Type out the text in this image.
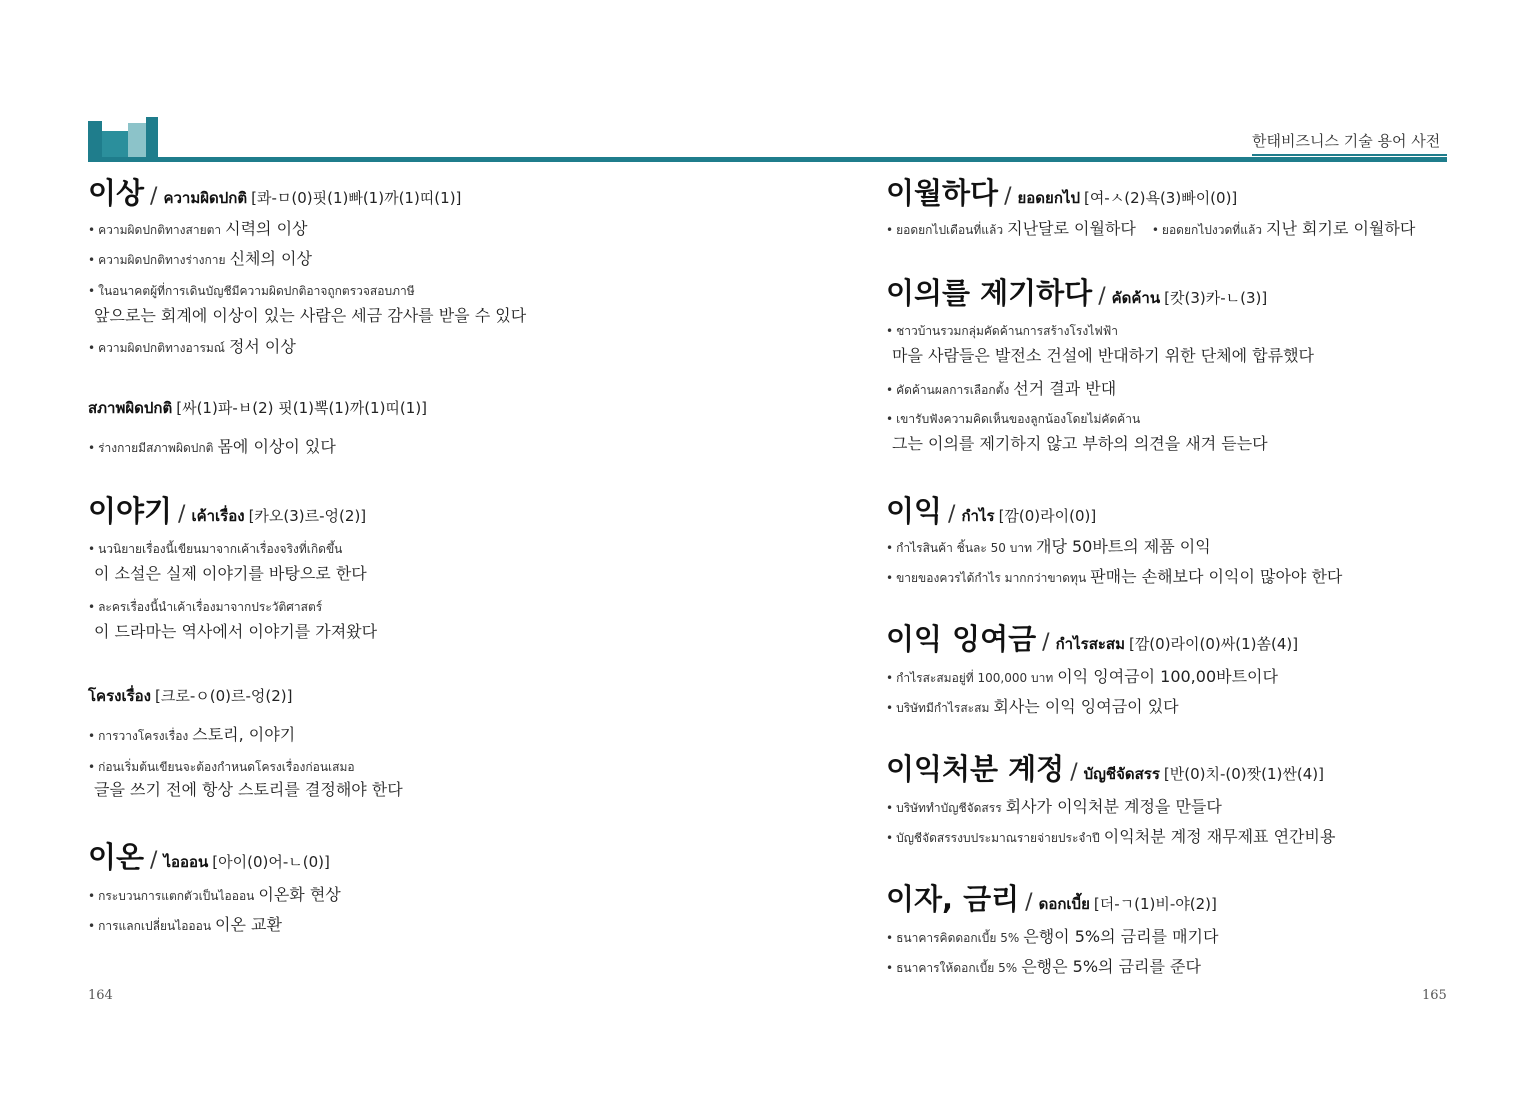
한태비즈니스 기술 용어 사전
이상 / ความผิดปกติ [콰-ㅁ(0)핏(1)빠(1)까(1)띠(1)]
• ความผิดปกติทางสายตา 시력의 이상
• ความผิดปกติทางร่างกาย 신체의 이상
• ในอนาคตผู้ที่การเดินบัญชีมีความผิดปกติอาจถูกตรวจสอบภาษี
앞으로는 회계에 이상이 있는 사람은 세금 감사를 받을 수 있다
• ความผิดปกติทางอารมณ์ 정서 이상
สภาพผิดปกติ [싸(1)파-ㅂ(2) 핏(1)뽁(1)까(1)띠(1)]
• ร่างกายมีสภาพผิดปกติ 몸에 이상이 있다
이야기 / เค้าเรื่อง [카오(3)르-엉(2)]
• นวนิยายเรื่องนี้เขียนมาจากเค้าเรื่องจริงที่เกิดขึ้น
이 소설은 실제 이야기를 바탕으로 한다
• ละครเรื่องนี้นำเค้าเรื่องมาจากประวัติศาสตร์
이 드라마는 역사에서 이야기를 가져왔다
โครงเรื่อง [크로-ㅇ(0)르-엉(2)]
• การวางโครงเรื่อง 스토리, 이야기
• ก่อนเริ่มต้นเขียนจะต้องกำหนดโครงเรื่องก่อนเสมอ
글을 쓰기 전에 항상 스토리를 결정해야 한다
이온 / ไอออน [아이(0)어-ㄴ(0)]
• กระบวนการแตกตัวเป็นไอออน 이온화 현상
• การแลกเปลี่ยนไอออน 이온 교환
이월하다 / ยอดยกไป [여-ㅅ(2)욕(3)빠이(0)]
• ยอดยกไปเดือนที่แล้ว 지난달로 이월하다 • ยอดยกไปงวดที่แล้ว 지난 회기로 이월하다
이의를 제기하다 / คัดค้าน [캇(3)카-ㄴ(3)]
• ชาวบ้านรวมกลุ่มคัดค้านการสร้างโรงไฟฟ้า
마을 사람들은 발전소 건설에 반대하기 위한 단체에 합류했다
• คัดค้านผลการเลือกตั้ง 선거 결과 반대
• เขารับฟังความคิดเห็นของลูกน้องโดยไม่คัดค้าน
그는 이의를 제기하지 않고 부하의 의견을 새겨 듣는다
이익 / กำไร [깜(0)라이(0)]
• กำไรสินค้า ชิ้นละ 50 บาท 개당 50바트의 제품 이익
• ขายของควรได้กำไร มากกว่าขาดทุน 판매는 손해보다 이익이 많아야 한다
이익 잉여금 / กำไรสะสม [깜(0)라이(0)싸(1)쏨(4)]
• กำไรสะสมอยู่ที่ 100,000 บาท 이익 잉여금이 100,00바트이다
• บริษัทมีกำไรสะสม 회사는 이익 잉여금이 있다
이익처분 계정 / บัญชีจัดสรร [반(0)치-(0)짯(1)싼(4)]
• บริษัททำบัญชีจัดสรร 회사가 이익처분 계정을 만들다
• บัญชีจัดสรรงบประมาณรายจ่ายประจำปี 이익처분 계정 재무제표 연간비용
이자, 금리 / ดอกเบี้ย [더-ㄱ(1)비-야(2)]
• ธนาคารคิดดอกเบี้ย 5% 은행이 5%의 금리를 매기다
• ธนาคารให้ดอกเบี้ย 5% 은행은 5%의 금리를 준다
164	165
